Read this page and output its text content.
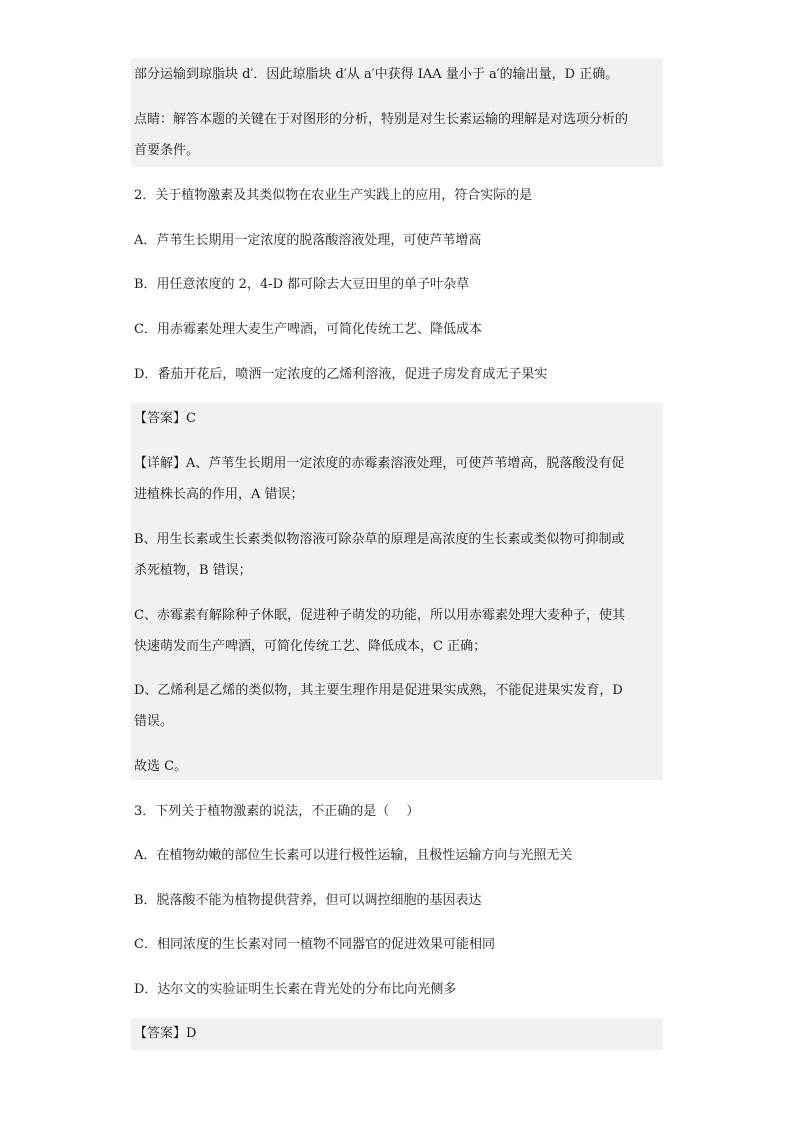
部分运输到琼脂块 d′．因此琼脂块 d′从 a′中获得 IAA 量小于 a′的输出量，D 正确。
点睛：解答本题的关键在于对图形的分析，特别是对生长素运输的理解是对选项分析的
首要条件。
2．关于植物激素及其类似物在农业生产实践上的应用，符合实际的是
A．芦苇生长期用一定浓度的脱落酸溶液处理，可使芦苇增高
B．用任意浓度的 2，4-D 都可除去大豆田里的单子叶杂草
C．用赤霉素处理大麦生产啤酒，可简化传统工艺、降低成本
D．番茄开花后，喷洒一定浓度的乙烯利溶液，促进子房发育成无子果实
【答案】C
【详解】A、芦苇生长期用一定浓度的赤霉素溶液处理，可使芦苇增高，脱落酸没有促
进植株长高的作用，A 错误；
B、用生长素或生长素类似物溶液可除杂草的原理是高浓度的生长素或类似物可抑制或
杀死植物，B 错误；
C、赤霉素有解除种子休眠，促进种子萌发的功能，所以用赤霉素处理大麦种子，使其
快速萌发而生产啤酒，可简化传统工艺、降低成本，C 正确；
D、乙烯利是乙烯的类似物，其主要生理作用是促进果实成熟，不能促进果实发育，D
错误。
故选 C。
3．下列关于植物激素的说法，不正确的是（　 ）
A．在植物幼嫩的部位生长素可以进行极性运输，且极性运输方向与光照无关
B．脱落酸不能为植物提供营养，但可以调控细胞的基因表达
C．相同浓度的生长素对同一植物不同器官的促进效果可能相同
D．达尔文的实验证明生长素在背光处的分布比向光侧多
【答案】D
